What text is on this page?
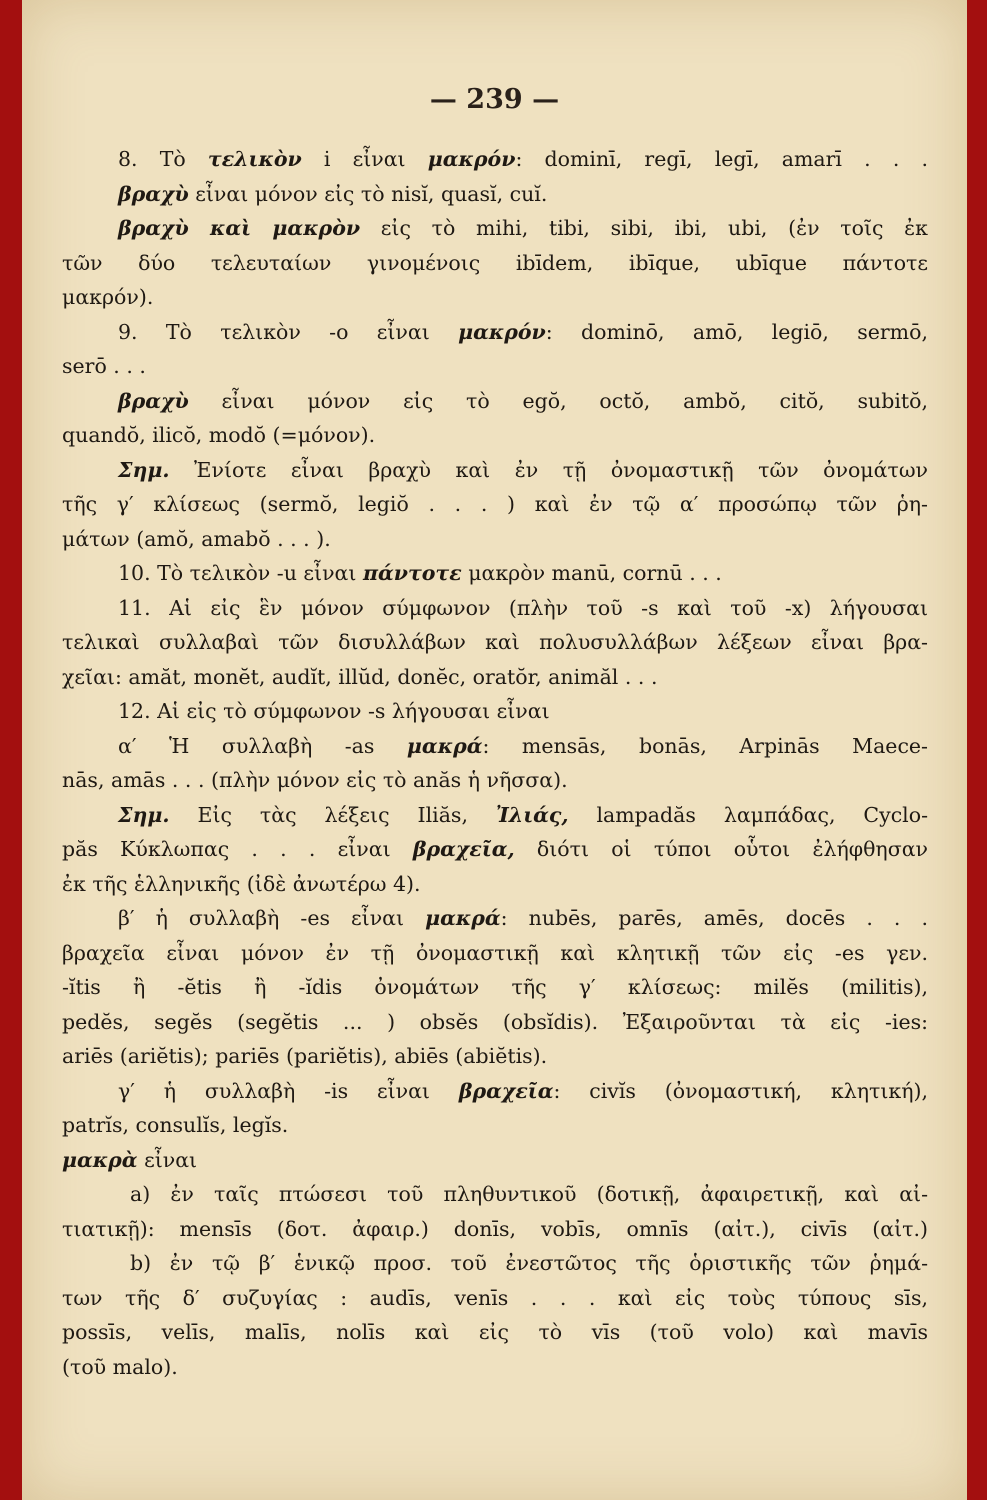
— 239 —
8. Τὸ τελικὸν i εἶναι μακρόν: dominī, regī, legī, amarī . . .
βραχὺ εἶναι μόνον εἰς τὸ nisĭ, quasĭ, cuĭ.
βραχὺ καὶ μακρὸν εἰς τὸ mihi, tibi, sibi, ibi, ubi, (ἐν τοῖς ἐκ
τῶν δύο τελευταίων γινομένοις ibīdem, ibīque, ubīque πάντοτε
μακρόν).
9. Τὸ τελικὸν -ο εἶναι μακρόν: dominō, amō, legiō, sermō,
serō . . .
βραχὺ εἶναι μόνον εἰς τὸ egŏ, octŏ, ambŏ, citŏ, subitŏ,
quandŏ, ilicŏ, modŏ (=μόνον).
Σημ. Ἐνίοτε εἶναι βραχὺ καὶ ἐν τῇ ὀνομαστικῇ τῶν ὀνομάτων
τῆς γ′ κλίσεως (sermŏ, legiŏ . . . ) καὶ ἐν τῷ α′ προσώπῳ τῶν ῥη-
μάτων (amŏ, amabŏ . . . ).
10. Τὸ τελικὸν -u εἶναι πάντοτε μακρὸν manū, cornū . . .
11. Αἱ εἰς ἓν μόνον σύμφωνον (πλὴν τοῦ -s καὶ τοῦ -x) λήγουσαι
τελικαὶ συλλαβαὶ τῶν δισυλλάβων καὶ πολυσυλλάβων λέξεων εἶναι βρα-
χεῖαι: amăt, monĕt, audĭt, illŭd, donĕc, oratŏr, animăl . . .
12. Αἱ εἰς τὸ σύμφωνον -s λήγουσαι εἶναι
α′ Ἡ συλλαβὴ -as μακρά: mensās, bonās, Arpinās Maece-
nās, amās . . . (πλὴν μόνον εἰς τὸ anăs ἡ νῆσσα).
Σημ. Εἰς τὰς λέξεις Iliăs, Ἰλιάς, lampadăs λαμπάδας, Cyclo-
păs Κύκλωπας . . . εἶναι βραχεῖα, διότι οἱ τύποι οὗτοι ἐλήφθησαν
ἐκ τῆς ἑλληνικῆς (ἰδὲ ἀνωτέρω 4).
β′ ἡ συλλαβὴ -es εἶναι μακρά: nubēs, parēs, amēs, docēs . . .
βραχεῖα εἶναι μόνον ἐν τῇ ὀνομαστικῇ καὶ κλητικῇ τῶν εἰς -es γεν.
-ĭtis ἢ -ĕtis ἢ -ĭdis ὀνομάτων τῆς γ′ κλίσεως: milĕs (militis),
pedĕs, segĕs (segĕtis ... ) obsĕs (obsĭdis). Ἐξαιροῦνται τὰ εἰς -ies:
ariēs (ariĕtis); pariēs (pariĕtis), abiēs (abiĕtis).
γ′ ἡ συλλαβὴ -is εἶναι βραχεῖα: civĭs (ὀνομαστική, κλητική),
patrĭs, consulĭs, legĭs.
μακρὰ εἶναι
a) ἐν ταῖς πτώσεσι τοῦ πληθυντικοῦ (δοτικῇ, ἀφαιρετικῇ, καὶ αἰ-
τιατικῇ): mensīs (δοτ. ἀφαιρ.) donīs, vobīs, omnīs (αἰτ.), civīs (αἰτ.)
b) ἐν τῷ β′ ἑνικῷ προσ. τοῦ ἐνεστῶτος τῆς ὁριστικῆς τῶν ῥημά-
των τῆς δ′ συζυγίας : audīs, venīs . . . καὶ εἰς τοὺς τύπους sīs,
possīs, velīs, malīs, nolīs καὶ εἰς τὸ vīs (τοῦ volo) καὶ mavīs
(τοῦ malo).
